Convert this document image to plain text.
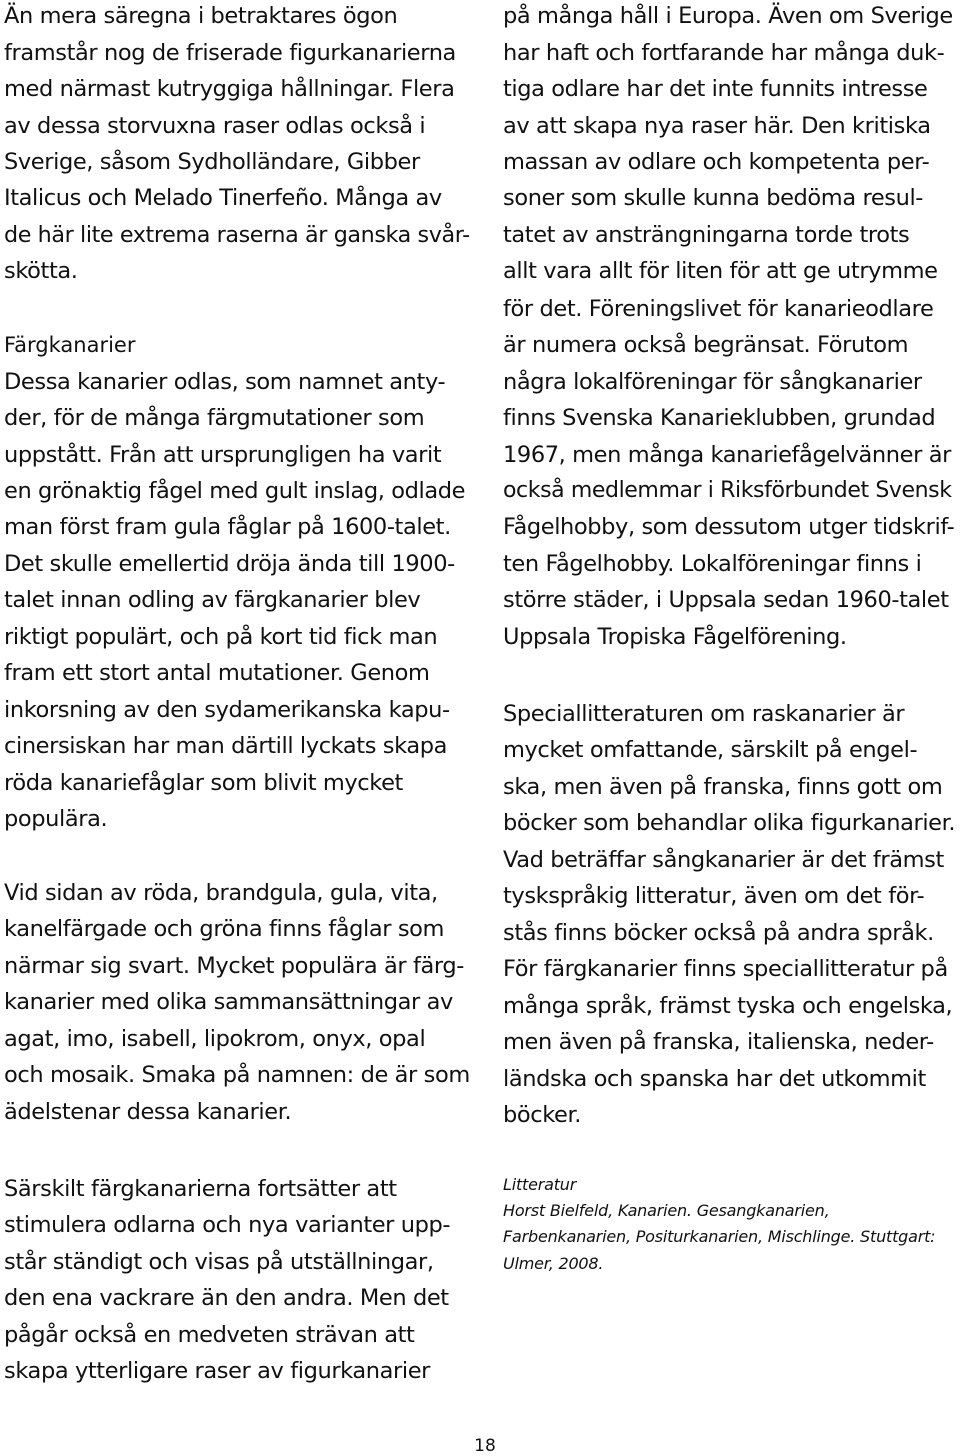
Än mera säregna i betraktares ögon
framstår nog de friserade figurkanarierna
med närmast kutryggiga hållningar. Flera
av dessa storvuxna raser odlas också i
Sverige, såsom Sydholländare, Gibber
Italicus och Melado Tinerfeño. Många av
de här lite extrema raserna är ganska svår-
skötta.
Färgkanarier
Dessa kanarier odlas, som namnet anty-
der, för de många färgmutationer som
uppstått. Från att ursprungligen ha varit
en grönaktig fågel med gult inslag, odlade
man först fram gula fåglar på 1600-talet.
Det skulle emellertid dröja ända till 1900-
talet innan odling av färgkanarier blev
riktigt populärt, och på kort tid fick man
fram ett stort antal mutationer. Genom
inkorsning av den sydamerikanska kapu-
cinersiskan har man därtill lyckats skapa
röda kanariefåglar som blivit mycket
populära.
Vid sidan av röda, brandgula, gula, vita,
kanelfärgade och gröna finns fåglar som
närmar sig svart. Mycket populära är färg-
kanarier med olika sammansättningar av
agat, imo, isabell, lipokrom, onyx, opal
och mosaik. Smaka på namnen: de är som
ädelstenar dessa kanarier.
Särskilt färgkanarierna fortsätter att
stimulera odlarna och nya varianter upp-
står ständigt och visas på utställningar,
den ena vackrare än den andra. Men det
pågår också en medveten strävan att
skapa ytterligare raser av figurkanarier
på många håll i Europa. Även om Sverige
har haft och fortfarande har många duk-
tiga odlare har det inte funnits intresse
av att skapa nya raser här. Den kritiska
massan av odlare och kompetenta per-
soner som skulle kunna bedöma resul-
tatet av ansträngningarna torde trots
allt vara allt för liten för att ge utrymme
för det. Föreningslivet för kanarieodlare
är numera också begränsat. Förutom
några lokalföreningar för sångkanarier
finns Svenska Kanarieklubben, grundad
1967, men många kanariefågelvänner är
också medlemmar i Riksförbundet Svensk
Fågelhobby, som dessutom utger tidskrif-
ten Fågelhobby. Lokalföreningar finns i
större städer, i Uppsala sedan 1960-talet
Uppsala Tropiska Fågelförening.
Speciallitteraturen om raskanarier är
mycket omfattande, särskilt på engel-
ska, men även på franska, finns gott om
böcker som behandlar olika figurkanarier.
Vad beträffar sångkanarier är det främst
tyskspråkig litteratur, även om det för-
stås finns böcker också på andra språk.
För färgkanarier finns speciallitteratur på
många språk, främst tyska och engelska,
men även på franska, italienska, neder-
ländska och spanska har det utkommit
böcker.
Litteratur
Horst Bielfeld, Kanarien. Gesangkanarien,
Farbenkanarien, Positurkanarien, Mischlinge. Stuttgart:
Ulmer, 2008.
18
